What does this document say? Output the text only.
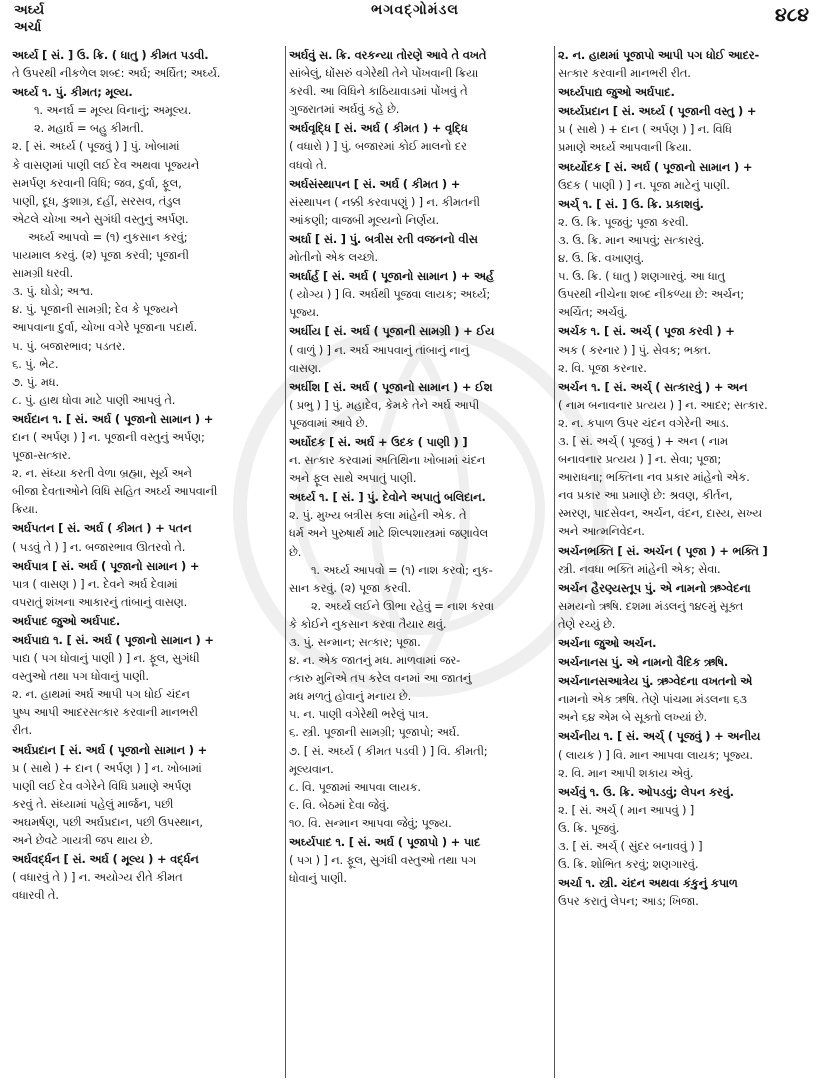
અર્ઘ્ય
અર્ચા
ભગવદ્ગોમંડલ	૪૮૪
અર્ઘ્ય [ સં. ] ઉ. ક્રિ. ( ધાતુ ) કીમત પડવી.
તે ઉપરથી નીકળેલ શબ્દ: અર્ઘ; અર્ઘિત; અર્ઘ્ય.
અર્ઘ્ય ૧. પું. કીમત; મૂલ્ય.
૧. અનર્ઘ = મૂલ્ય વિનાનું; અમૂલ્ય.
૨. મહાર્ઘ = બહુ કીમતી.
૨. [ સં. અર્ઘ્ય ( પૂજવું ) ] પું. ખોબામાં
કે વાસણમાં પાણી લઈ દેવ અથવા પૂજ્યને
સમર્પણ કરવાની વિધિ; જવ, દુર્વા, ફૂલ,
પાણી, દૂધ, કુશાગ્ર, દહીં, સરસવ, તંડુલ
એટલે ચોખા અને સુગંધી વસ્તુનું અર્પણ.
અર્ઘ્ય આપવો = (૧) નુકસાન કરવું;
પાયમાલ કરવું. (૨) પૂજા કરવી; પૂજાની
સામગ્રી ધરવી.
૩. પું. ઘોડો; અશ્વ.
૪. પું. પૂજાની સામગ્રી; દેવ કે પૂજ્યને
આપવાના દુર્વા, ચોખા વગેરે પૂજાના પદાર્થ.
૫. પું. બજારભાવ; પડતર.
૬. પું. ભેટ.
૭. પું. મધ.
૮. પું. હાથ ધોવા માટે પાણી આપવું તે.
અર્ઘદાન ૧. [ સં. અર્ઘ ( પૂજાનો સામાન ) +
દાન ( અર્પણ ) ] ન. પૂજાની વસ્તુનું અર્પણ;
પૂજા-સત્કાર.
૨. ન. સંધ્યા કરતી વેળા બ્રહ્મા, સૂર્ય અને
બીજા દેવતાઓને વિધિ સહિત અર્ઘ્ય આપવાની
ક્રિયા.
અર્ઘપતન [ સં. અર્ઘ ( કીમત ) + પતન
( પડવું તે ) ] ન. બજારભાવ ઊતરવો તે.
અર્ઘપાત્ર [ સં. અર્ઘ ( પૂજાનો સામાન ) +
પાત્ર ( વાસણ ) ] ન. દેવને અર્ઘ દેવામાં
વપરાતું શંખના આકારનું તાંબાનું વાસણ.
અર્ઘપાદ જુઓ અર્ઘપાદ.
અર્ઘપાદ્ય ૧. [ સં. અર્ઘ ( પૂજાનો સામાન ) +
પાદ્ય ( પગ ધોવાનું પાણી ) ] ન. ફૂલ, સુગંધી
વસ્તુઓ તથા પગ ધોવાનું પાણી.
૨. ન. હાથમાં અર્ઘ આપી પગ ધોઈ ચંદન
પુષ્પ આપી આદરસત્કાર કરવાની માનભરી
રીત.
અર્ઘપ્રદાન [ સં. અર્ઘ ( પૂજાનો સામાન ) +
પ્ર ( સાથે ) + દાન ( અર્પણ ) ] ન. ખોબામાં
પાણી લઈ દેવ વગેરેને વિધિ પ્રમાણે અર્પણ
કરવું તે. સંધ્યામાં પહેલું માર્જન, પછી
અઘમર્ષણ, પછી અર્ઘપ્રદાન, પછી ઉપસ્થાન,
અને છેવટે ગાયત્રી જપ થાય છે.
અર્ઘવર્દ્ધન [ સં. અર્ઘ ( મૂલ્ય ) + વર્દ્ધન
( વધારવું તે ) ] ન. અયોગ્ય રીતે કીમત
વધારવી તે.
અર્ઘવું સ. ક્રિ. વરકન્યા તોરણે આવે તે વખતે
સાંબેલું, ધોંસરું વગેરેથી તેને પોંખવાની ક્રિયા
કરવી. આ વિધિને કાઠિયાવાડમાં પોંખવું તે
ગુજરાતમાં અર્ઘવું કહે છે.
અર્ઘવૃદ્ધિ [ સં. અર્ઘ ( કીમત ) + વૃદ્ધિ
( વધારો ) ] પું. બજારમાં કોઈ માલનો દર
વધવો તે.
અર્ઘસંસ્થાપન [ સં. અર્ઘ ( કીમત ) +
સંસ્થાપન ( નક્કી કરવાપણું ) ] ન. કીમતની
આંકણી; વાજબી મૂલ્યનો નિર્ણય.
અર્ઘા [ સં. ] પું. બત્રીસ રતી વજનનો વીસ
મોતીનો એક લચ્છો.
અર્ઘાર્હ [ સં. અર્ઘ ( પૂજાનો સામાન ) + અર્હ
( યોગ્ય ) ] વિ. અર્ઘથી પૂજવા લાયક; અર્ઘ્ય;
પૂજ્ય.
અર્ઘીય [ સં. અર્ઘ ( પૂજાની સામગ્રી ) + ઈય
( વાળું ) ] ન. અર્ઘ આપવાનું તાંબાનું નાનું
વાસણ.
અર્ઘીશ [ સં. અર્ઘ ( પૂજાનો સામાન ) + ઈશ
( પ્રભુ ) ] પું. મહાદેવ, કેમકે તેને અર્ઘ આપી
પૂજવામાં આવે છે.
અર્ઘોદક [ સં. અર્ઘ + ઉદક ( પાણી ) ]
ન. સત્કાર કરવામાં અતિથિના ખોબામાં ચંદન
અને ફૂલ સાથે અપાતું પાણી.
અર્ઘ્ય ૧. [ સં. ] પું. દેવોને અપાતું બલિદાન.
૨. પું. મુખ્ય બત્રીસ કલા માંહેની એક. તે
ધર્મ અને પુરુષાર્થ માટે શિલ્પશાસ્ત્રમાં જણાવેલ
છે.
૧. અર્ઘ્ય આપવો = (૧) નાશ કરવો; નુક-
સાન કરવું. (૨) પૂજા કરવી.
૨. અર્ઘ્ય લઈને ઊભા રહેવું = નાશ કરવા
કે કોઈને નુકસાન કરવા તૈયાર થવું.
૩. પું. સન્માન; સત્કાર; પૂજા.
૪. ન. એક જાતનું મધ. માળવામાં જર-
ત્કારુ મુનિએ તપ કરેલ વનમાં આ જાતનું
મધ મળતું હોવાનું મનાય છે.
૫. ન. પાણી વગેરેથી ભરેલું પાત્ર.
૬. સ્ત્રી. પૂજાની સામગ્રી; પૂજાપો; અર્ઘ.
૭. [ સં. અર્ઘ્ય ( કીમત પડવી ) ] વિ. કીમતી;
મૂલ્યવાન.
૮. વિ. પૂજામાં આપવા લાયક.
૯. વિ. બેઠમાં દેવા જેવું.
૧૦. વિ. સન્માન આપવા જેવું; પૂજ્ય.
અર્ઘ્યપાદ ૧. [ સં. અર્ઘ ( પૂજાપો ) + પાદ
( પગ ) ] ન. ફૂલ, સુગંધી વસ્તુઓ તથા પગ
ધોવાનું પાણી.
૨. ન. હાથમાં પૂજાપો આપી પગ ધોઈ આદર-
સત્કાર કરવાની માનભરી રીત.
અર્ઘ્યપાદ્ય જુઓ અર્ઘપાદ.
અર્ઘ્યપ્રદાન [ સં. અર્ઘ્ય ( પૂજાની વસ્તુ ) +
પ્ર ( સાથે ) + દાન ( અર્પણ ) ] ન. વિધિ
પ્રમાણે અર્ઘ્ય આપવાની ક્રિયા.
અર્ઘ્યોદક [ સં. અર્ઘ ( પૂજાનો સામાન ) +
ઉદક ( પાણી ) ] ન. પૂજા માટેનું પાણી.
અર્ચ્ ૧. [ સં. ] ઉ. ક્રિ. પ્રકાશવું.
૨. ઉ. ક્રિ. પૂજવું; પૂજા કરવી.
૩. ઉ. ક્રિ. માન આપવું; સત્કારવું.
૪. ઉ. ક્રિ. વખાણવું.
૫. ઉ. ક્રિ. ( ધાતુ ) શણગારવું. આ ધાતુ
ઉપરથી નીચેના શબ્દ નીકળ્યા છે: અર્ચન;
અર્ચિત; અર્ચવું.
અર્ચક ૧. [ સં. અર્ચ્ ( પૂજા કરવી ) +
અક ( કરનાર ) ] પું. સેવક; ભક્ત.
૨. વિ. પૂજા કરનાર.
અર્ચન ૧. [ સં. અર્ચ્ ( સત્કારવું ) + અન
( નામ બનાવનાર પ્રત્યય ) ] ન. આદર; સત્કાર.
૨. ન. કપાળ ઉપર ચંદન વગેરેની આડ.
૩. [ સં. અર્ચ્ ( પૂજવું ) + અન ( નામ
બનાવનાર પ્રત્યય ) ] ન. સેવા; પૂજા;
આરાધના; ભક્તિના નવ પ્રકાર માંહેનો એક.
નવ પ્રકાર આ પ્રમાણે છે: શ્રવણ, કીર્તન,
સ્મરણ, પાદસેવન, અર્ચન, વંદન, દાસ્ય, સખ્ય
અને આત્મનિવેદન.
અર્ચનભક્તિ [ સં. અર્ચન ( પૂજા ) + ભક્તિ ]
સ્ત્રી. નવધા ભક્તિ માંહેની એક; સેવા.
અર્ચન હૈરણ્યસ્તૂપ પું. એ નામનો ઋગ્વેદના
સમયનો ઋષિ. દશમા મંડલનું ૧૪૯મું સૂક્ત
તેણે રચ્યું છે.
અર્ચના જુઓ અર્ચન.
અર્ચનાનસ પું. એ નામનો વૈદિક ઋષિ.
અર્ચનાનસઆત્રેય પું. ઋગ્વેદના વખતનો એ
નામનો એક ઋષિ. તેણે પાંચમા મંડલના ૬૩
અને ૬૪ એમ બે સૂક્તો લખ્યાં છે.
અર્ચનીય ૧. [ સં. અર્ચ્ ( પૂજવું ) + અનીય
( લાયક ) ] વિ. માન આપવા લાયક; પૂજ્ય.
૨. વિ. માન આપી શકાય એવું.
અર્ચવું ૧. ઉ. ક્રિ. ઓપડવું; લેપન કરવું.
૨. [ સં. અર્ચ્ ( માન આપવું ) ]
ઉ. ક્રિ. પૂજવું.
૩. [ સં. અર્ચ્ ( સુંદર બનાવવું ) ]
ઉ. ક્રિ. શોભિત કરવું; શણગારવું.
અર્ચા ૧. સ્ત્રી. ચંદન અથવા કંકુનું કપાળ
ઉપર કરાતું લેપન; આડ; ખિજા.
